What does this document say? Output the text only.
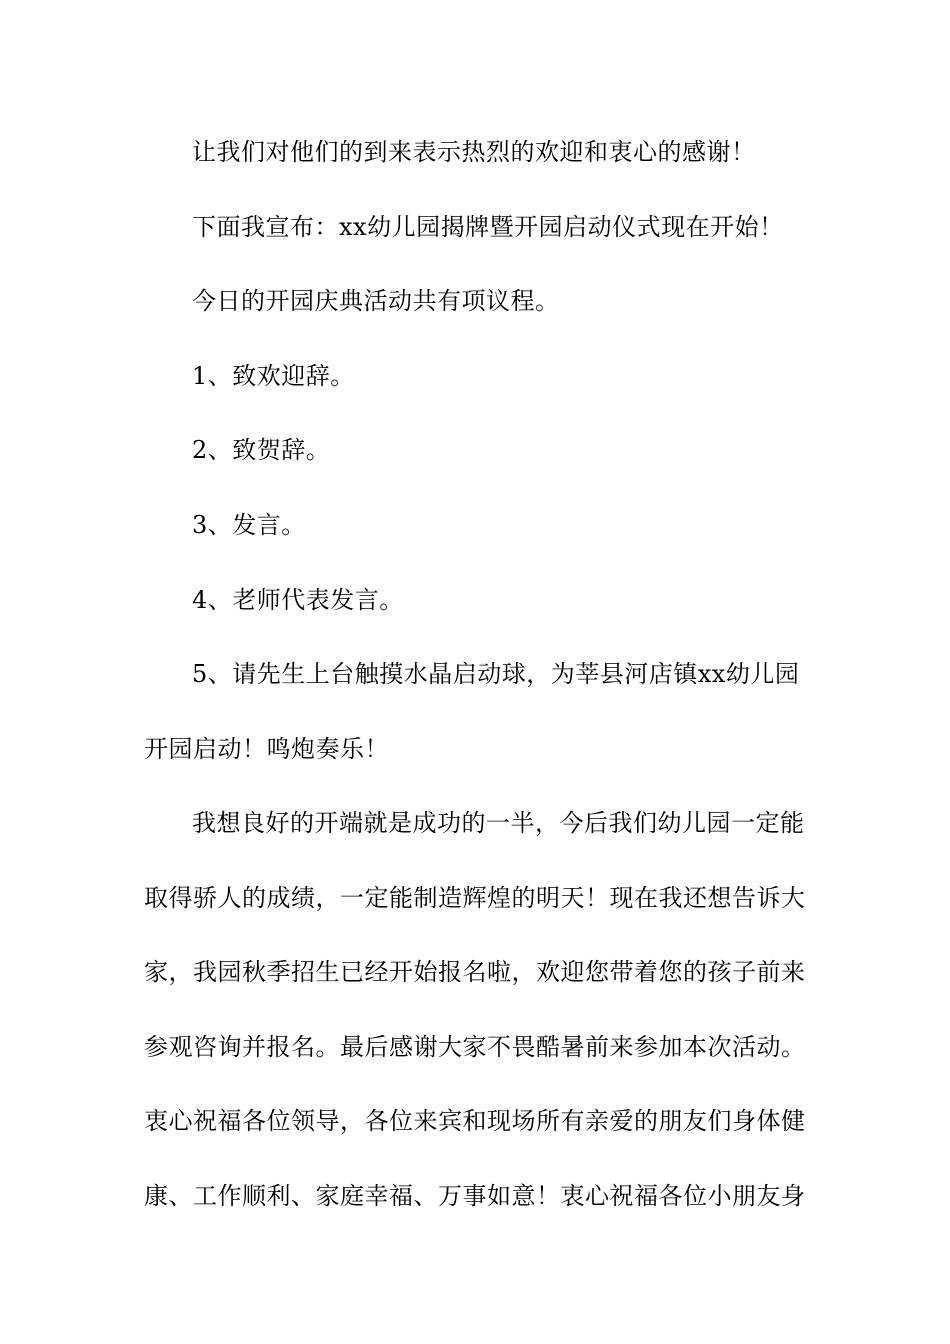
让我们对他们的到来表示热烈的欢迎和衷心的感谢！
下面我宣布：xx幼儿园揭牌暨开园启动仪式现在开始！
今日的开园庆典活动共有项议程。
1、致欢迎辞。
2、致贺辞。
3、发言。
4、老师代表发言。
5、请先生上台触摸水晶启动球，为莘县河店镇xx幼儿园
开园启动！鸣炮奏乐！
我想良好的开端就是成功的一半，今后我们幼儿园一定能
取得骄人的成绩，一定能制造辉煌的明天！现在我还想告诉大
家，我园秋季招生已经开始报名啦，欢迎您带着您的孩子前来
参观咨询并报名。最后感谢大家不畏酷暑前来参加本次活动。
衷心祝福各位领导，各位来宾和现场所有亲爱的朋友们身体健
康、工作顺利、家庭幸福、万事如意！衷心祝福各位小朋友身
